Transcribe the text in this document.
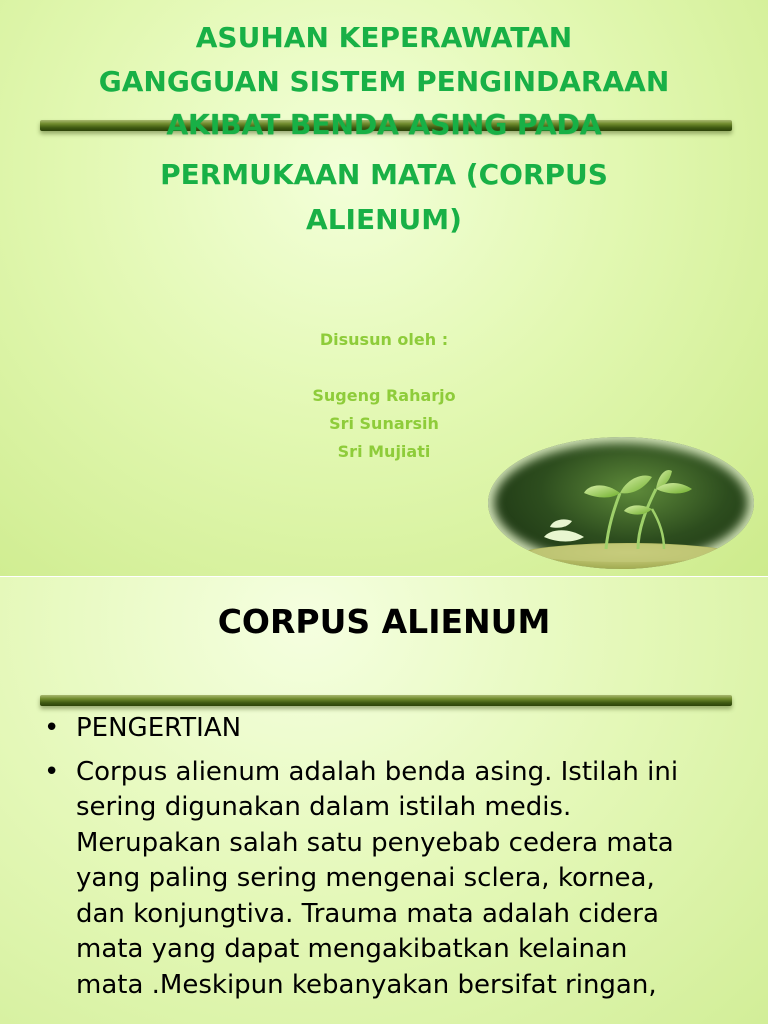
ASUHAN KEPERAWATAN
GANGGUAN SISTEM PENGINDARAAN
AKIBAT BENDA ASING PADA
PERMUKAAN MATA (CORPUS
ALIENUM)
Disusun oleh :
Sugeng Raharjo
Sri Sunarsih
Sri Mujiati
CORPUS ALIENUM
• PENGERTIAN
• Corpus alienum adalah benda asing. Istilah ini
sering digunakan dalam istilah medis.
Merupakan salah satu penyebab cedera mata
yang paling sering mengenai sclera, kornea,
dan konjungtiva. Trauma mata adalah cidera
mata yang dapat mengakibatkan kelainan
mata .Meskipun kebanyakan bersifat ringan,
